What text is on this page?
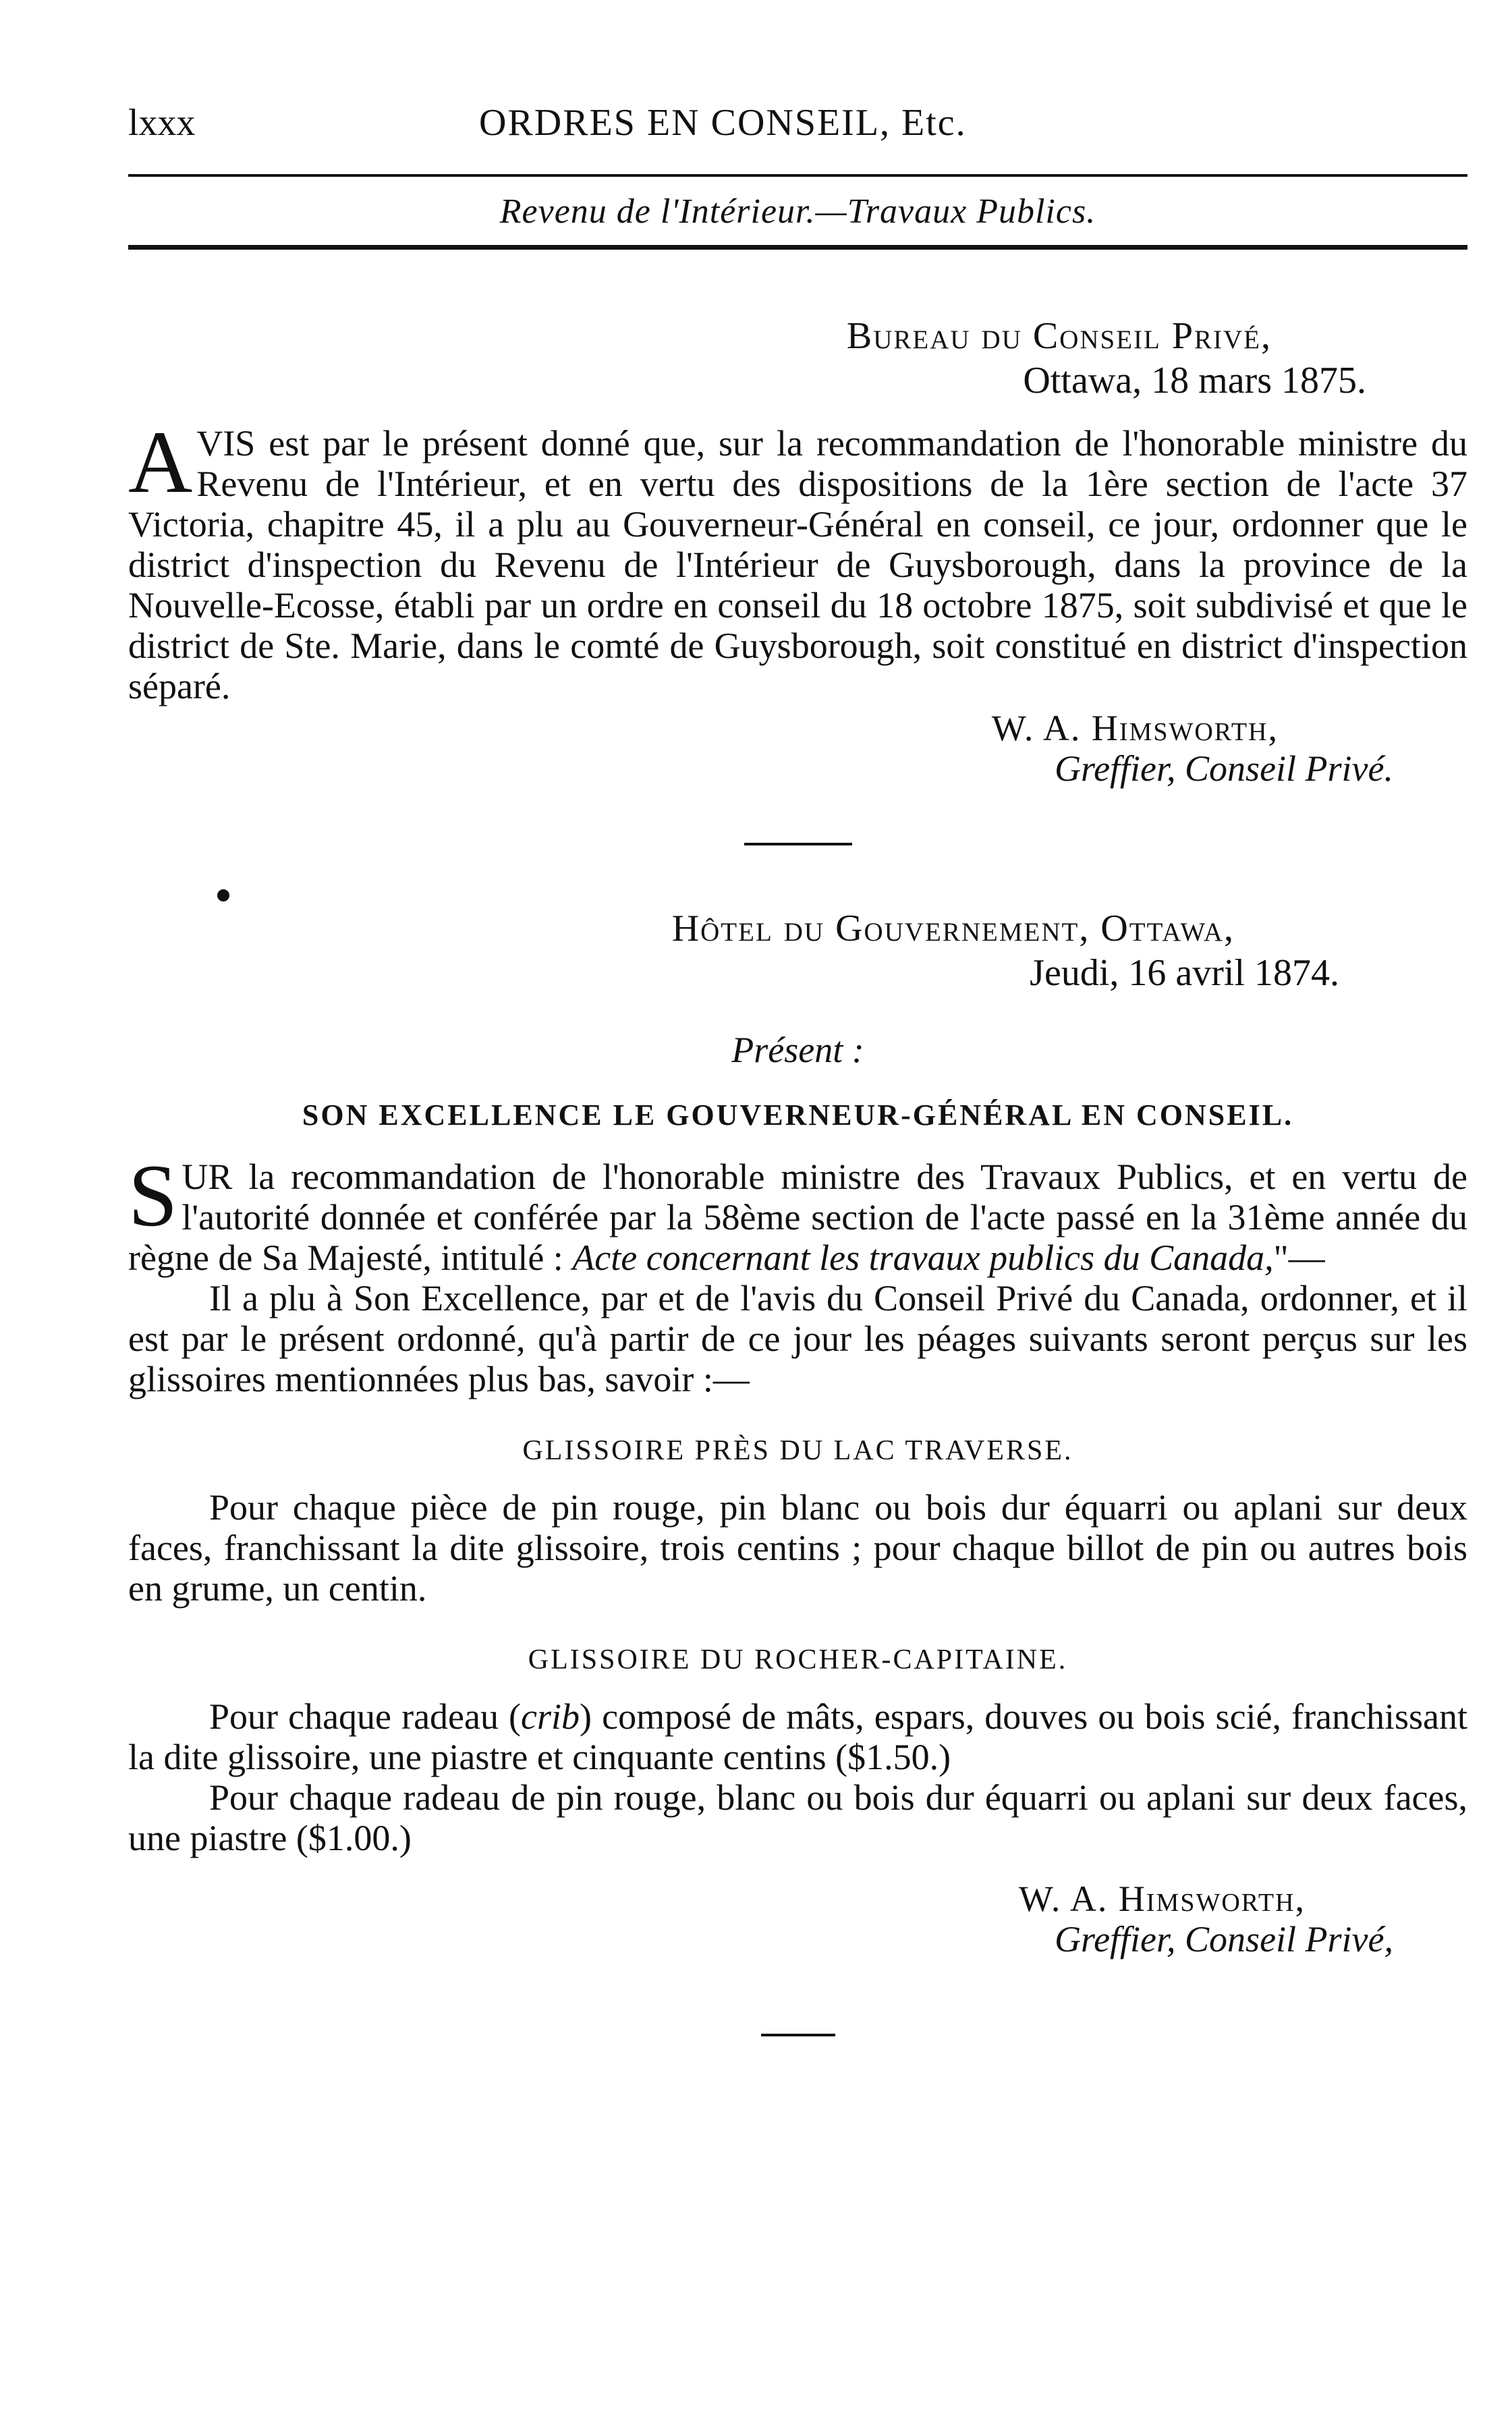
lxxx	ORDRES EN CONSEIL, Etc.
Revenu de l'Intérieur.—Travaux Publics.
Bureau du Conseil Privé,
Ottawa, 18 mars 1875.
AVIS est par le présent donné que, sur la recommandation de l'honorable ministre du Revenu de l'Intérieur, et en vertu des dispositions de la 1ère section de l'acte 37 Victoria, chapitre 45, il a plu au Gouverneur-Général en conseil, ce jour, ordonner que le district d'inspection du Revenu de l'Intérieur de Guysborough, dans la province de la Nouvelle-Ecosse, établi par un ordre en conseil du 18 octobre 1875, soit subdivisé et que le district de Ste. Marie, dans le comté de Guysborough, soit constitué en district d'inspection séparé.
W. A. Himsworth,
Greffier, Conseil Privé.
Hôtel du Gouvernement, Ottawa,
Jeudi, 16 avril 1874.
Présent :
SON EXCELLENCE LE GOUVERNEUR-GÉNÉRAL EN CONSEIL.
SUR la recommandation de l'honorable ministre des Travaux Publics, et en vertu de l'autorité donnée et conférée par la 58ème section de l'acte passé en la 31ème année du règne de Sa Majesté, intitulé : Acte concernant les travaux publics du Canada,"—
Il a plu à Son Excellence, par et de l'avis du Conseil Privé du Canada, ordonner, et il est par le présent ordonné, qu'à partir de ce jour les péages suivants seront perçus sur les glissoires mentionnées plus bas, savoir :—
GLISSOIRE PRÈS DU LAC TRAVERSE.
Pour chaque pièce de pin rouge, pin blanc ou bois dur équarri ou aplani sur deux faces, franchissant la dite glissoire, trois centins ; pour chaque billot de pin ou autres bois en grume, un centin.
GLISSOIRE DU ROCHER-CAPITAINE.
Pour chaque radeau (crib) composé de mâts, espars, douves ou bois scié, franchissant la dite glissoire, une piastre et cinquante centins ($1.50.)
Pour chaque radeau de pin rouge, blanc ou bois dur équarri ou aplani sur deux faces, une piastre ($1.00.)
W. A. Himsworth,
Greffier, Conseil Privé,
